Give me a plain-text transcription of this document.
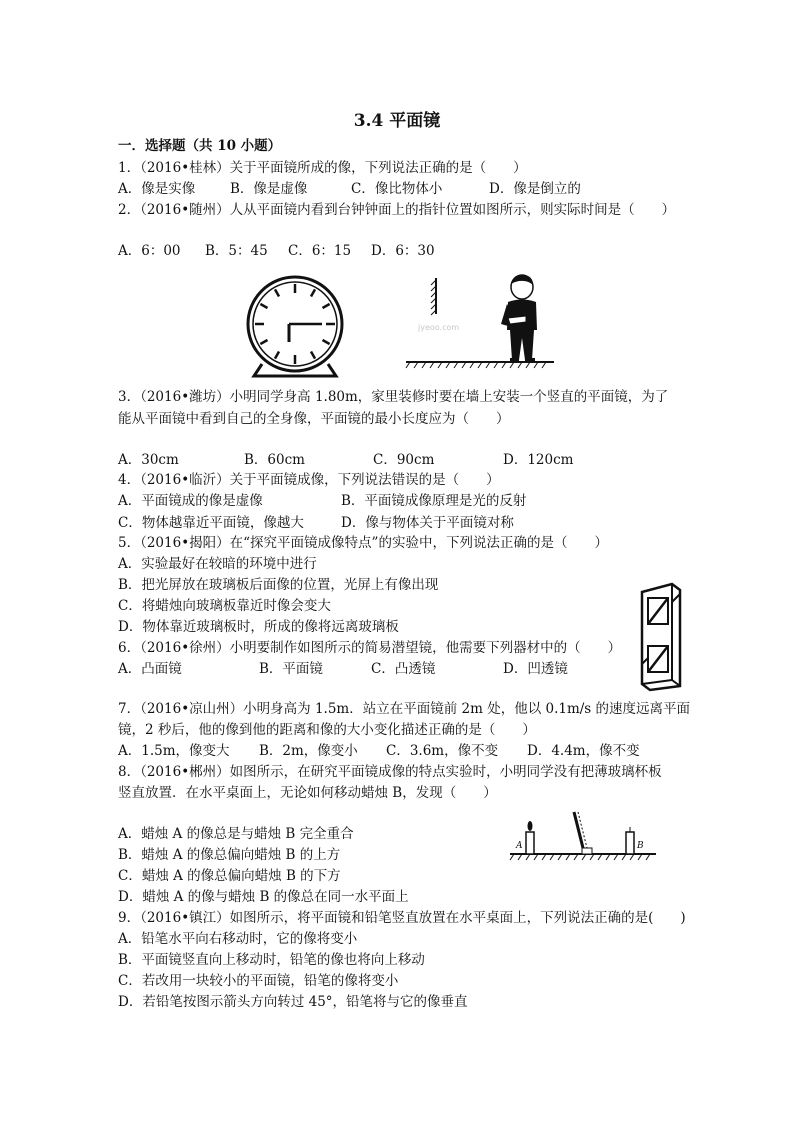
3.4 平面镜
一．选择题（共 10 小题）
1．（2016•桂林）关于平面镜所成的像，下列说法正确的是（　　）
A．像是实像	B．像是虚像	C．像比物体小	D．像是倒立的
2．（2016•随州）人从平面镜内看到台钟钟面上的指针位置如图所示，则实际时间是（　　）
A．6：00 B．5：45 C．6：15 D．6：30
jyeoo.com
3．（2016•潍坊）小明同学身高 1.80m，家里装修时要在墙上安装一个竖直的平面镜，为了
能从平面镜中看到自己的全身像，平面镜的最小长度应为（　　）
A．30cm	B．60cm	C．90cm	D．120cm
4．（2016•临沂）关于平面镜成像，下列说法错误的是（　　）
A．平面镜成的像是虚像	B．平面镜成像原理是光的反射
C．物体越靠近平面镜，像越大	D．像与物体关于平面镜对称
5．（2016•揭阳）在“探究平面镜成像特点”的实验中，下列说法正确的是（　　）
A．实验最好在较暗的环境中进行
B．把光屏放在玻璃板后面像的位置，光屏上有像出现
C．将蜡烛向玻璃板靠近时像会变大
D．物体靠近玻璃板时，所成的像将远离玻璃板
6．（2016•徐州）小明要制作如图所示的简易潜望镜，他需要下列器材中的（　　）
A．凸面镜	B．平面镜	C．凸透镜	D．凹透镜
7．（2016•凉山州）小明身高为 1.5m．站立在平面镜前 2m 处，他以 0.1m/s 的速度远离平面
镜，2 秒后，他的像到他的距离和像的大小变化描述正确的是（　　）
A．1.5m，像变大 B．2m，像变小 C．3.6m，像不变 D．4.4m，像不变
8．（2016•郴州）如图所示，在研究平面镜成像的特点实验时，小明同学没有把薄玻璃杯板
竖直放置．在水平桌面上，无论如何移动蜡烛 B，发现（　　）
A．蜡烛 A 的像总是与蜡烛 B 完全重合
B．蜡烛 A 的像总偏向蜡烛 B 的上方
C．蜡烛 A 的像总偏向蜡烛 B 的下方
D．蜡烛 A 的像与蜡烛 B 的像总在同一水平面上
A	B
9．（2016•镇江）如图所示，将平面镜和铅笔竖直放置在水平桌面上，下列说法正确的是(　　)
A．铅笔水平向右移动时，它的像将变小
B．平面镜竖直向上移动时，铅笔的像也将向上移动
C．若改用一块较小的平面镜，铅笔的像将变小
D．若铅笔按图示箭头方向转过 45°，铅笔将与它的像垂直
